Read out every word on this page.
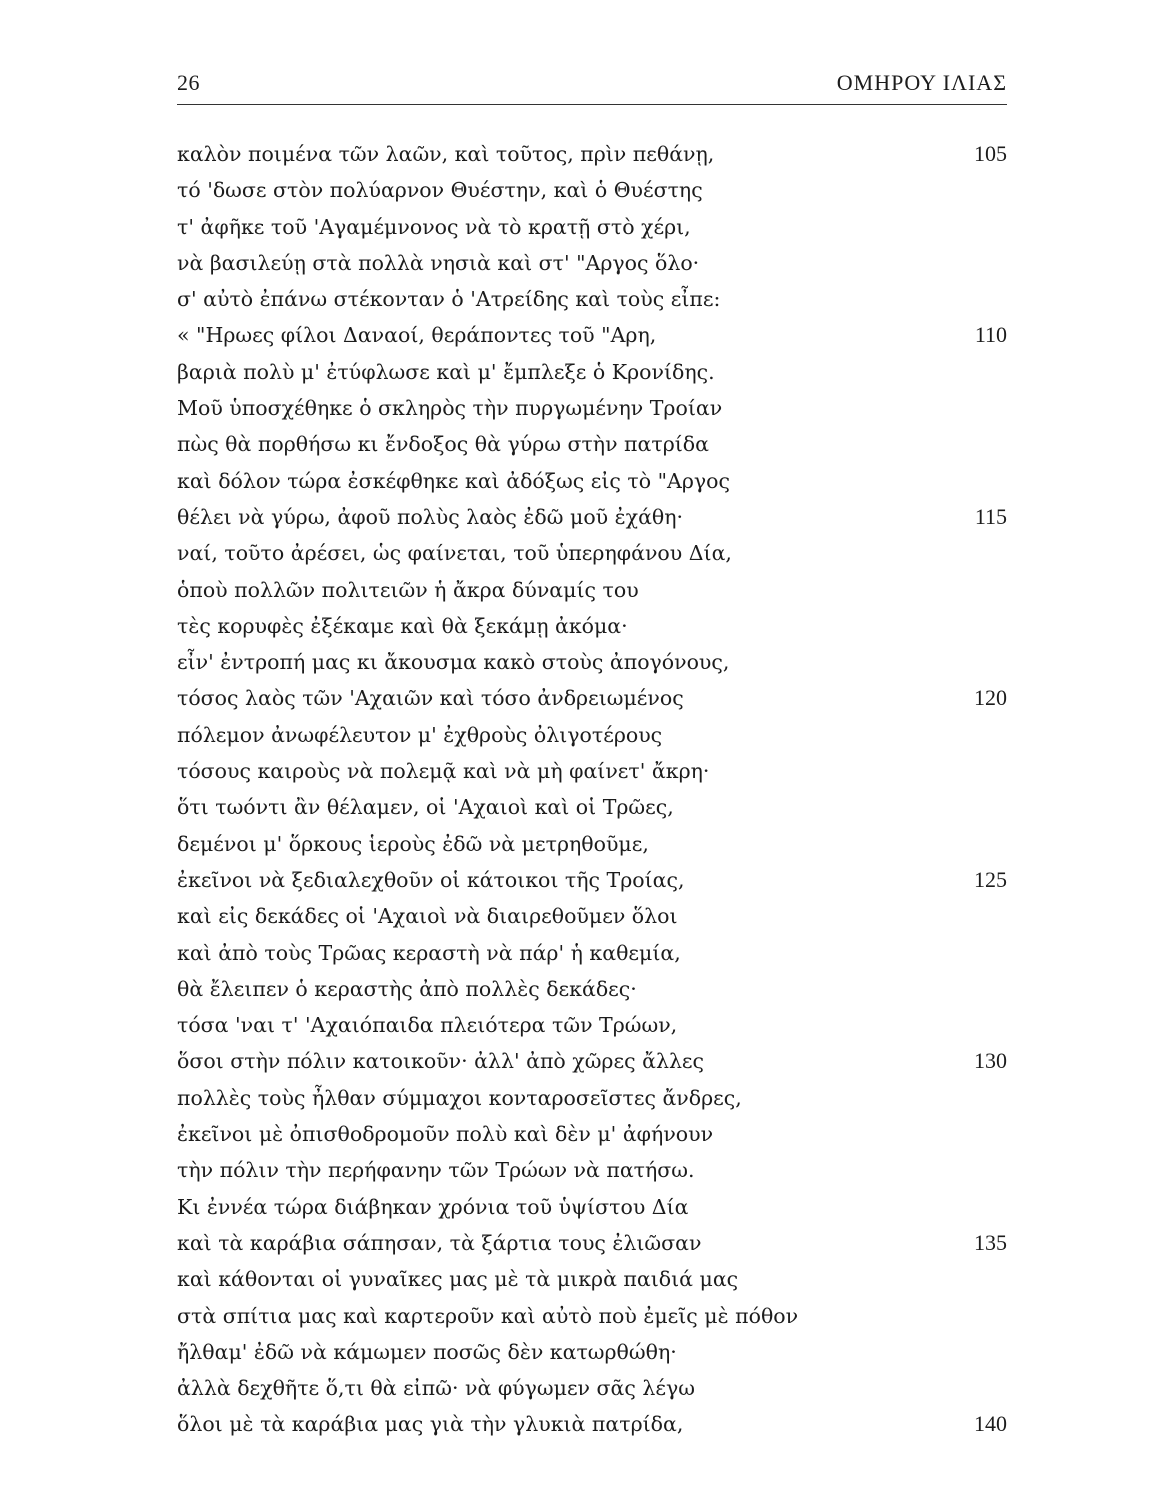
26	ΟΜΗΡΟΥ ΙΛΙΑΣ
καλὸν ποιμένα τῶν λαῶν, καὶ τοῦτος, πρὶν πεθάνῃ,	105
τό 'δωσε στὸν πολύαρνον Θυέστην, καὶ ὁ Θυέστης
τ' ἀφῆκε τοῦ 'Αγαμέμνονος νὰ τὸ κρατῇ στὸ χέρι,
νὰ βασιλεύῃ στὰ πολλὰ νησιὰ καὶ στ' "Αργος ὅλο·
σ' αὐτὸ ἐπάνω στέκονταν ὁ 'Ατρείδης καὶ τοὺς εἶπε:
« "Ηρωες φίλοι Δαναοί, θεράποντες τοῦ "Αρη,	110
βαριὰ πολὺ μ' ἐτύφλωσε καὶ μ' ἔμπλεξε ὁ Κρονίδης.
Μοῦ ὑποσχέθηκε ὁ σκληρὸς τὴν πυργωμένην Τροίαν
πὼς θὰ πορθήσω κι ἔνδοξος θὰ γύρω στὴν πατρίδα
καὶ δόλον τώρα ἐσκέφθηκε καὶ ἀδόξως εἰς τὸ "Αργος
θέλει νὰ γύρω, ἀφοῦ πολὺς λαὸς ἐδῶ μοῦ ἐχάθη·	115
ναί, τοῦτο ἀρέσει, ὡς φαίνεται, τοῦ ὑπερηφάνου Δία,
ὁποὺ πολλῶν πολιτειῶν ἡ ἄκρα δύναμίς του
τὲς κορυφὲς ἐξέκαμε καὶ θὰ ξεκάμῃ ἀκόμα·
εἶν' ἐντροπή μας κι ἄκουσμα κακὸ στοὺς ἀπογόνους,
τόσος λαὸς τῶν 'Αχαιῶν καὶ τόσο ἀνδρειωμένος	120
πόλεμον ἀνωφέλευτον μ' ἐχθροὺς ὀλιγοτέρους
τόσους καιροὺς νὰ πολεμᾷ καὶ νὰ μὴ φαίνετ' ἄκρη·
ὅτι τωόντι ἂν θέλαμεν, οἱ 'Αχαιοὶ καὶ οἱ Τρῶες,
δεμένοι μ' ὅρκους ἱεροὺς ἐδῶ νὰ μετρηθοῦμε,
ἐκεῖνοι νὰ ξεδιαλεχθοῦν οἱ κάτοικοι τῆς Τροίας,	125
καὶ εἰς δεκάδες οἱ 'Αχαιοὶ νὰ διαιρεθοῦμεν ὅλοι
καὶ ἀπὸ τοὺς Τρῶας κεραστὴ νὰ πάρ' ἡ καθεμία,
θὰ ἔλειπεν ὁ κεραστὴς ἀπὸ πολλὲς δεκάδες·
τόσα 'ναι τ' 'Αχαιόπαιδα πλειότερα τῶν Τρώων,
ὅσοι στὴν πόλιν κατοικοῦν· ἀλλ' ἀπὸ χῶρες ἄλλες	130
πολλὲς τοὺς ἦλθαν σύμμαχοι κονταροσεῖστες ἄνδρες,
ἐκεῖνοι μὲ ὀπισθοδρομοῦν πολὺ καὶ δὲν μ' ἀφήνουν
τὴν πόλιν τὴν περήφανην τῶν Τρώων νὰ πατήσω.
Κι ἐννέα τώρα διάβηκαν χρόνια τοῦ ὑψίστου Δία
καὶ τὰ καράβια σάπησαν, τὰ ξάρτια τους ἐλιῶσαν	135
καὶ κάθονται οἱ γυναῖκες μας μὲ τὰ μικρὰ παιδιά μας
στὰ σπίτια μας καὶ καρτεροῦν καὶ αὐτὸ ποὺ ἐμεῖς μὲ πόθον
ἤλθαμ' ἐδῶ νὰ κάμωμεν ποσῶς δὲν κατωρθώθη·
ἀλλὰ δεχθῆτε ὅ,τι θὰ εἰπῶ· νὰ φύγωμεν σᾶς λέγω
ὅλοι μὲ τὰ καράβια μας γιὰ τὴν γλυκιὰ πατρίδα,	140
